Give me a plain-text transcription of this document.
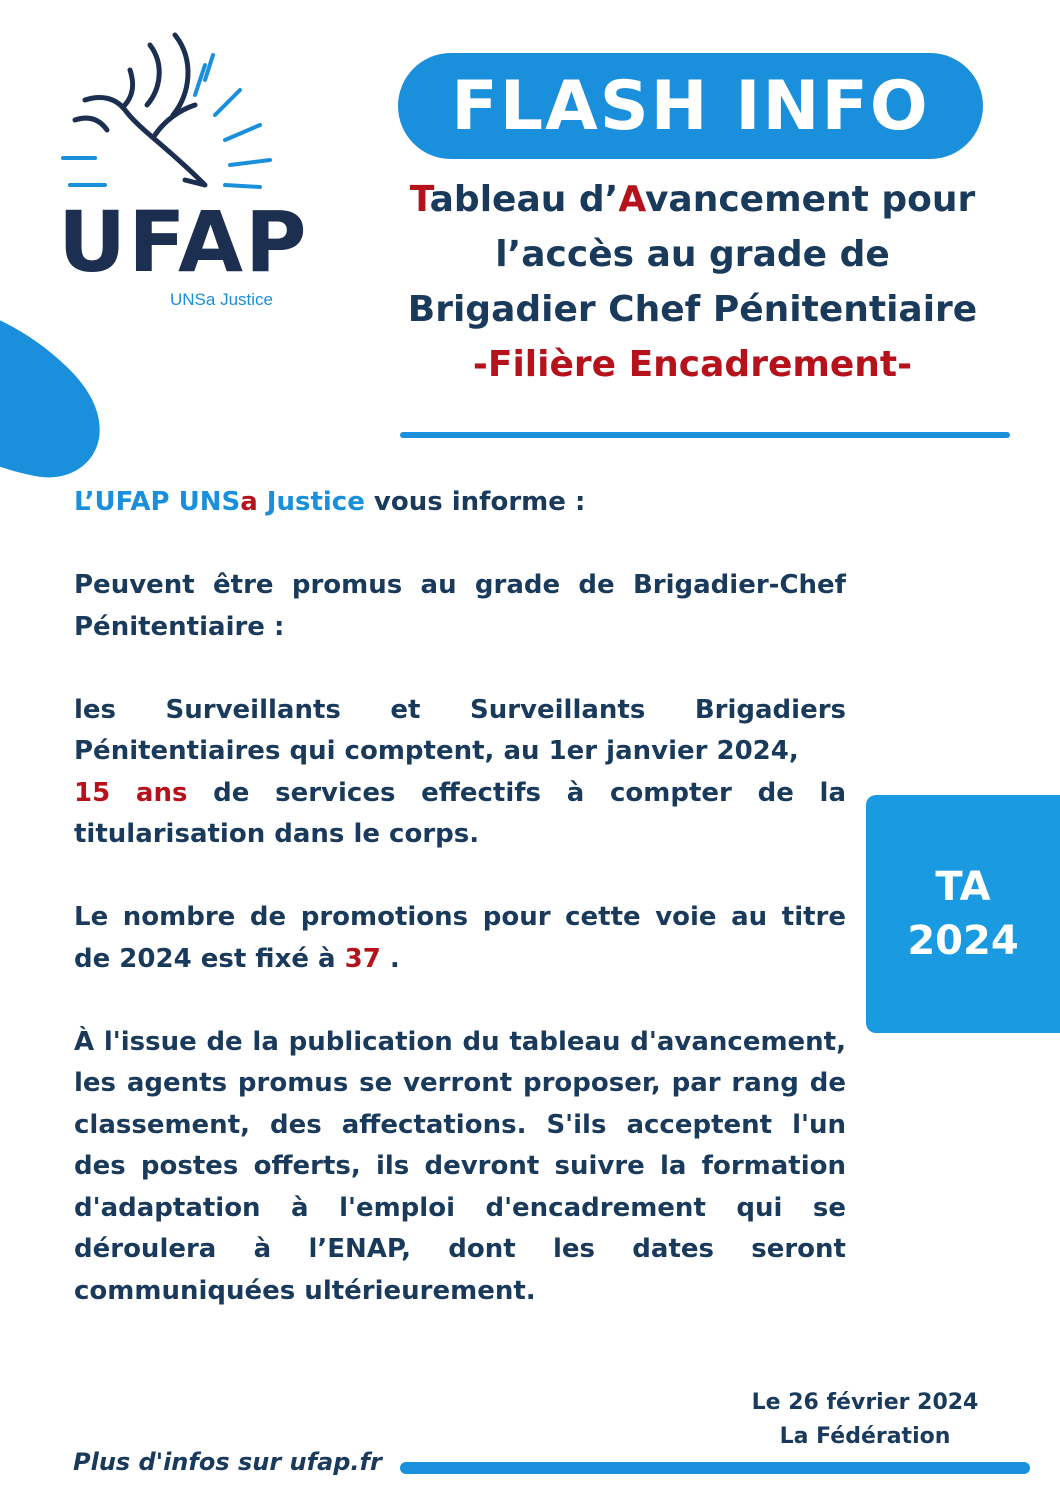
UFAP
UNSa Justice
FLASH INFO
Tableau d’Avancement pour
l’accès au grade de
Brigadier Chef Pénitentiaire
-Filière Encadrement-

L’UFAP UNSa Justice vous informe :

Peuvent être promus au grade de Brigadier-Chef Pénitentiaire :

les Surveillants et Surveillants Brigadiers Pénitentiaires qui comptent, au 1er janvier 2024,
15 ans de services effectifs à compter de la titularisation dans le corps.

Le nombre de promotions pour cette voie au titre de 2024 est fixé à 37 .

À l'issue de la publication du tableau d'avancement, les agents promus se verront proposer, par rang de classement, des affectations. S'ils acceptent l'un des postes offerts, ils devront suivre la formation d'adaptation à l'emploi d'encadrement qui se déroulera à l’ENAP, dont les dates seront communiquées ultérieurement.

TA
2024
Le 26 février 2024
La Fédération
Plus d'infos sur ufap.fr
